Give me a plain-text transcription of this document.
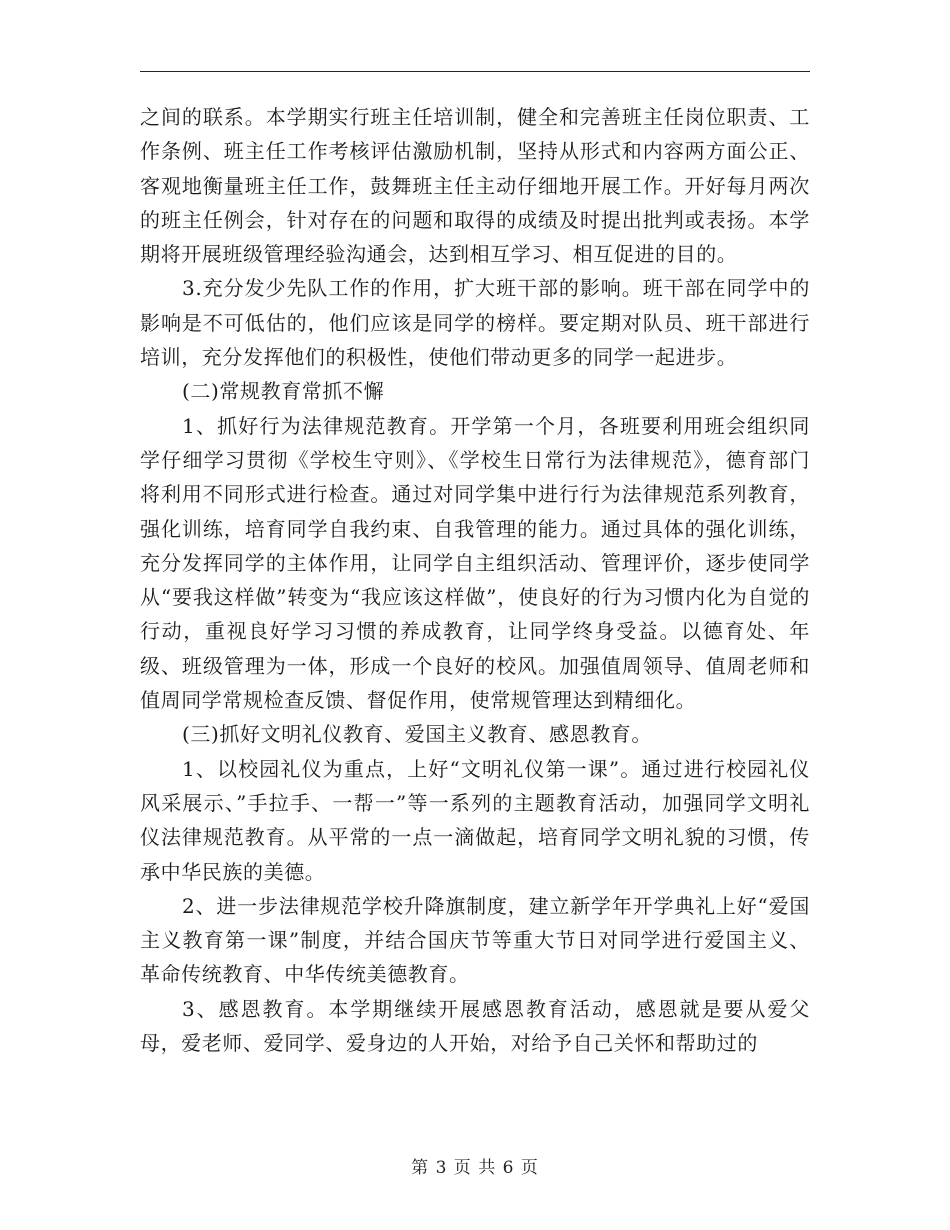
之间的联系。本学期实行班主任培训制，健全和完善班主任岗位职责、工作条例、班主任工作考核评估激励机制，坚持从形式和内容两方面公正、客观地衡量班主任工作，鼓舞班主任主动仔细地开展工作。开好每月两次的班主任例会，针对存在的问题和取得的成绩及时提出批判或表扬。本学期将开展班级管理经验沟通会，达到相互学习、相互促进的目的。

3.充分发少先队工作的作用，扩大班干部的影响。班干部在同学中的影响是不可低估的，他们应该是同学的榜样。要定期对队员、班干部进行培训，充分发挥他们的积极性，使他们带动更多的同学一起进步。

(二)常规教育常抓不懈

1、抓好行为法律规范教育。开学第一个月，各班要利用班会组织同学仔细学习贯彻《学校生守则》、《学校生日常行为法律规范》，德育部门将利用不同形式进行检查。通过对同学集中进行行为法律规范系列教育，强化训练，培育同学自我约束、自我管理的能力。通过具体的强化训练，充分发挥同学的主体作用，让同学自主组织活动、管理评价，逐步使同学从“要我这样做”转变为“我应该这样做”，使良好的行为习惯内化为自觉的行动，重视良好学习习惯的养成教育，让同学终身受益。以德育处、年级、班级管理为一体，形成一个良好的校风。加强值周领导、值周老师和值周同学常规检查反馈、督促作用，使常规管理达到精细化。

(三)抓好文明礼仪教育、爱国主义教育、感恩教育。

1、以校园礼仪为重点，上好“文明礼仪第一课”。通过进行校园礼仪风采展示、”手拉手、一帮一”等一系列的主题教育活动，加强同学文明礼仪法律规范教育。从平常的一点一滴做起，培育同学文明礼貌的习惯，传承中华民族的美德。

2、进一步法律规范学校升降旗制度，建立新学年开学典礼上好“爱国主义教育第一课”制度，并结合国庆节等重大节日对同学进行爱国主义、革命传统教育、中华传统美德教育。

3、感恩教育。本学期继续开展感恩教育活动，感恩就是要从爱父母，爱老师、爱同学、爱身边的人开始，对给予自己关怀和帮助过的

第 3 页 共 6 页
